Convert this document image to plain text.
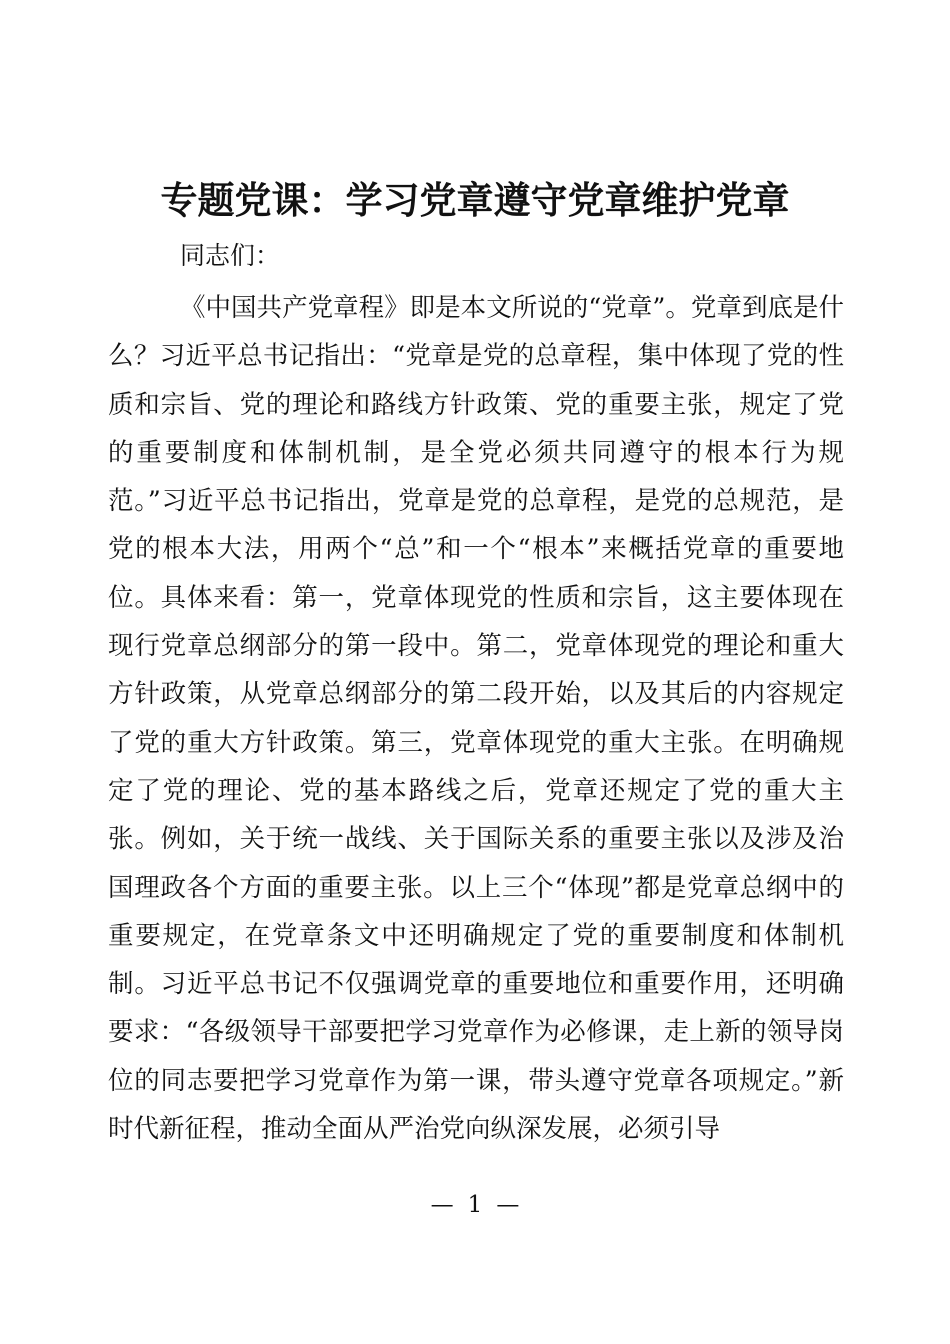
专题党课：学习党章遵守党章维护党章

同志们：

《中国共产党章程》即是本文所说的“党章”。党章到底是什么？习近平总书记指出：“党章是党的总章程，集中体现了党的性质和宗旨、党的理论和路线方针政策、党的重要主张，规定了党的重要制度和体制机制，是全党必须共同遵守的根本行为规范。”习近平总书记指出，党章是党的总章程，是党的总规范，是党的根本大法，用两个“总”和一个“根本”来概括党章的重要地位。具体来看：第一，党章体现党的性质和宗旨，这主要体现在现行党章总纲部分的第一段中。第二，党章体现党的理论和重大方针政策，从党章总纲部分的第二段开始，以及其后的内容规定了党的重大方针政策。第三，党章体现党的重大主张。在明确规定了党的理论、党的基本路线之后，党章还规定了党的重大主张。例如，关于统一战线、关于国际关系的重要主张以及涉及治国理政各个方面的重要主张。以上三个“体现”都是党章总纲中的重要规定，在党章条文中还明确规定了党的重要制度和体制机制。习近平总书记不仅强调党章的重要地位和重要作用，还明确要求：“各级领导干部要把学习党章作为必修课，走上新的领导岗位的同志要把学习党章作为第一课，带头遵守党章各项规定。”新时代新征程，推动全面从严治党向纵深发展，必须引导

— 1 —
